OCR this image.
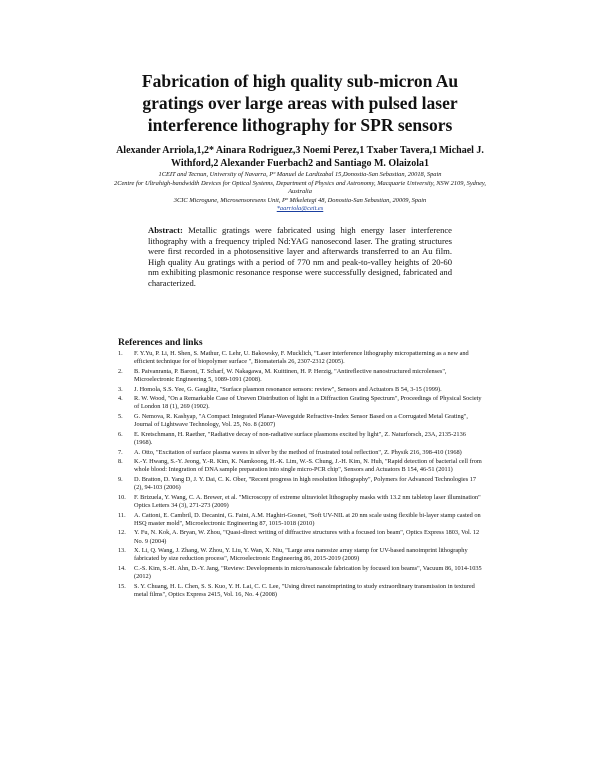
Fabrication of high quality sub-micron Au gratings over large areas with pulsed laser interference lithography for SPR sensors
Alexander Arriola,1,2* Ainara Rodriguez,3 Noemi Perez,1 Txaber Tavera,1 Michael J. Withford,2 Alexander Fuerbach2 and Santiago M. Olaizola1
1CEIT and Tecnun, University of Navarra, Pº Manuel de Lardizabal 15,Donostia-San Sebastian, 20018, Spain
2Centre for Ultrahigh-bandwidth Devices for Optical Systems, Department of Physics and Astronomy, Macquarie University, NSW 2109, Sydney, Australia
3CIC Microgune, Microsensoresens Unit, Pº Mikeletegi 48, Donostia-San Sebastian, 20009, Spain
*aarriola@ceit.es
Abstract: Metallic gratings were fabricated using high energy laser interference lithography with a frequency tripled Nd:YAG nanosecond laser. The grating structures were first recorded in a photosensitive layer and afterwards transferred to an Au film. High quality Au gratings with a period of 770 nm and peak-to-valley heights of 20-60 nm exhibiting plasmonic resonance response were successfully designed, fabricated and characterized.
References and links
1.	F. Y.Yu, P. Li, H. Shen, S. Mathur, C. Lehr, U. Bakowsky, F. Mucklich, "Laser interference lithography micropatterning as a new and efficient technique for of biopolymer surface ", Biomaterials 26, 2307-2312 (2005).
2.	B. Paivanranta, P. Baroni, T. Scharf, W. Nakagawa, M. Kuittinen, H. P. Herzig, "Antireflective nanostructured microlenses", Microelectronic Engineering 5, 1089-1091 (2008).
3.	J. Homola, S.S. Yee, G. Gauglitz, "Surface plasmon resonance sensors: review", Sensors and Actuators B 54, 3-15 (1999).
4.	R. W. Wood, "On a Remarkable Case of Uneven Distribution of light in a Diffraction Grating Spectrum", Proceedings of Physical Society of London 18 (1), 269 (1902).
5.	G. Nemova, R. Kashyap, "A Compact Integrated Planar-Waveguide Refractive-Index Sensor Based on a Corrugated Metal Grating", Journal of Lightwave Technology, Vol. 25, No. 8 (2007)
6.	E. Kretschmann, H. Raether, "Radiative decay of non-radiative surface plasmons excited by light", Z. Naturforsch, 23A, 2135-2136 (1968).
7.	A. Otto, "Excitation of surface plasma waves in silver by the method of frustrated total reflection", Z. Physik 216, 398-410 (1968)
8.	K.-Y. Hwang, S.-Y. Jeong, Y.-R. Kim, K. Namkoong, H.-K. Lim, W.-S. Chung, J.-H. Kim, N. Huh, "Rapid detection of bacterial cell from whole blood: Integration of DNA sample preparation into single micro-PCR chip", Sensors and Actuators B 154, 46-51 (2011)
9.	D. Bratton, D. Yang D, J. Y. Dai, C. K. Ober, "Recent progress in high resolution lithography", Polymers for Advanced Technologies 17 (2), 94-103 (2006)
10.	F. Brizuela, Y. Wang, C. A. Brewer, et al. "Microscopy of extreme ultraviolet lithography masks with 13.2 nm tabletop laser illumination" Optics Letters 34 (3), 271-273 (2009)
11.	A. Cattoni, E. Cambril, D. Decanini, G. Faini, A.M. Haghiri-Gosnet, "Soft UV-NIL at 20 nm scale using flexible bi-layer stamp casted on HSQ master mold", Microelectronic Engineering 87, 1015-1018 (2010)
12.	Y. Fu, N. Kok, A. Bryan, W. Zhou, "Quasi-direct writing of diffractive structures with a focused ion beam", Optics Express 1803, Vol. 12 No. 9 (2004)
13.	X. Li, Q. Wang, J. Zhang, W. Zhou, Y. Liu, Y. Wan, X. Niu, "Large area nanosize array stamp for UV-based nanoimprint lithography fabricated by size reduction process", Microelectronic Engineering 86, 2015-2019 (2009)
14.	C.-S. Kim, S.-H. Ahn, D.-Y. Jang, "Review: Developments in micro/nanoscale fabrication by focused ion beams", Vacuum 86, 1014-1035 (2012)
15.	S. Y. Chuang, H. L. Chen, S. S. Kuo, Y. H. Lai, C. C. Lee, "Using direct nanoimprinting to study extraordinary transmission in textured metal films", Optics Express 2415, Vol. 16, No. 4 (2008)
